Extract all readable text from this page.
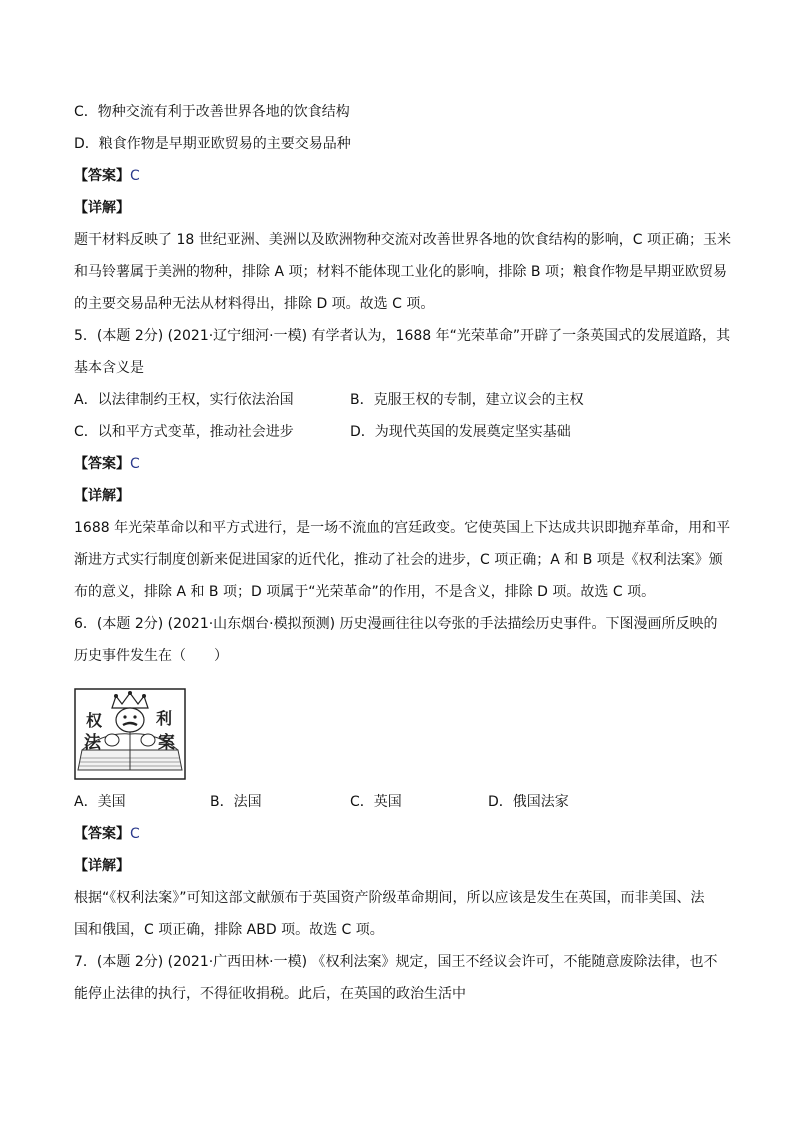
C．物种交流有利于改善世界各地的饮食结构
D．粮食作物是早期亚欧贸易的主要交易品种
【答案】C
【详解】
题干材料反映了 18 世纪亚洲、美洲以及欧洲物种交流对改善世界各地的饮食结构的影响，C 项正确；玉米
和马铃薯属于美洲的物种，排除 A 项；材料不能体现工业化的影响，排除 B 项；粮食作物是早期亚欧贸易
的主要交易品种无法从材料得出，排除 D 项。故选 C 项。
5．(本题 2分) (2021·辽宁细河·一模) 有学者认为，1688 年“光荣革命”开辟了一条英国式的发展道路，其
基本含义是
A．以法律制约王权，实行依法治国	B．克服王权的专制，建立议会的主权
C．以和平方式变革，推动社会进步	D．为现代英国的发展奠定坚实基础
【答案】C
【详解】
1688 年光荣革命以和平方式进行，是一场不流血的宫廷政变。它使英国上下达成共识即抛弃革命，用和平
渐进方式实行制度创新来促进国家的近代化，推动了社会的进步，C 项正确；A 和 B 项是《权利法案》颁
布的意义，排除 A 和 B 项；D 项属于“光荣革命”的作用，不是含义，排除 D 项。故选 C 项。
6．(本题 2分) (2021·山东烟台·模拟预测) 历史漫画往往以夸张的手法描绘历史事件。下图漫画所反映的
历史事件发生在（　　）
权	利
法	案
A．美国	B．法国	C．英国	D．俄国法家
【答案】C
【详解】
根据“《权利法案》”可知这部文献颁布于英国资产阶级革命期间，所以应该是发生在英国，而非美国、法
国和俄国，C 项正确，排除 ABD 项。故选 C 项。
7．(本题 2分) (2021·广西田林·一模) 《权利法案》规定，国王不经议会许可，不能随意废除法律，也不
能停止法律的执行，不得征收捐税。此后，在英国的政治生活中
